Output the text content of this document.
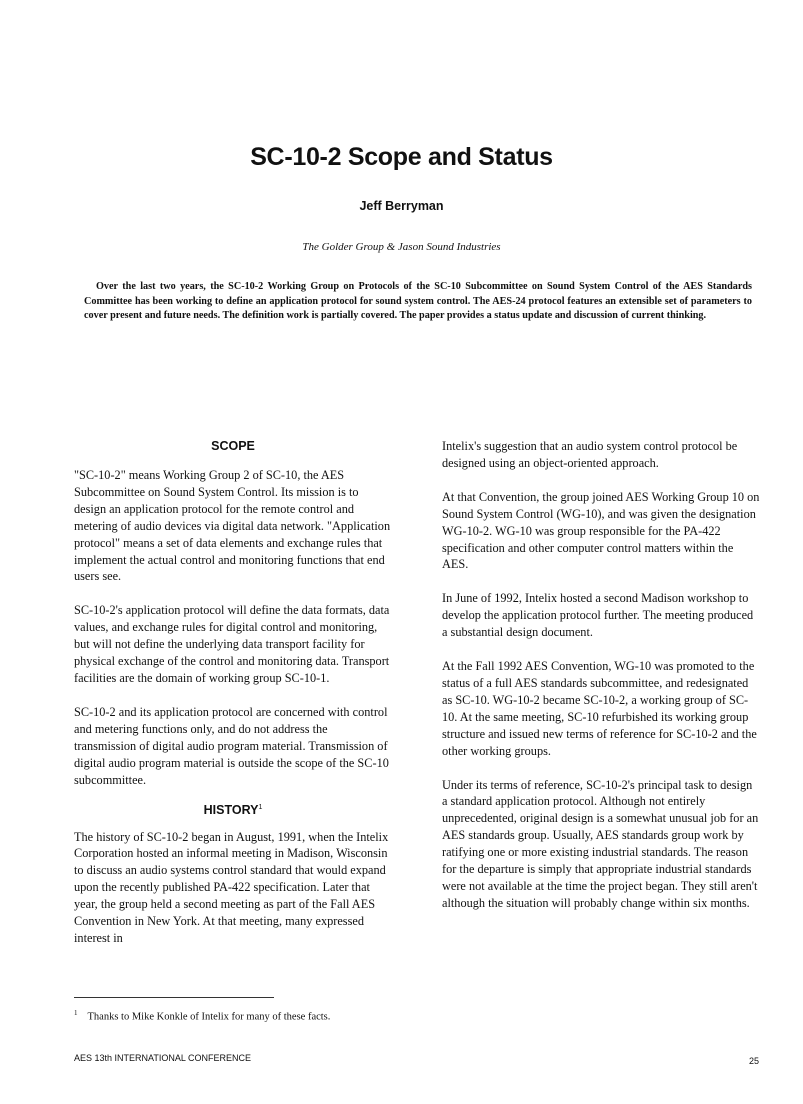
SC-10-2 Scope and Status
Jeff Berryman
The Golder Group & Jason Sound Industries

Over the last two years, the SC-10-2 Working Group on Protocols of the SC-10 Subcommittee on Sound System Control of the AES Standards Committee has been working to define an application protocol for sound system control. The AES-24 protocol features an extensible set of parameters to cover present and future needs. The definition work is partially covered. The paper provides a status update and discussion of current thinking.

SCOPE

"SC-10-2" means Working Group 2 of SC-10, the AES Subcommittee on Sound System Control. Its mission is to design an application protocol for the remote control and metering of audio devices via digital data network. "Application protocol" means a set of data elements and exchange rules that implement the actual control and monitoring functions that end users see.

SC-10-2's application protocol will define the data formats, data values, and exchange rules for digital control and monitoring, but will not define the underlying data transport facility for physical exchange of the control and monitoring data. Transport facilities are the domain of working group SC-10-1.

SC-10-2 and its application protocol are concerned with control and metering functions only, and do not address the transmission of digital audio program material. Transmission of digital audio program material is outside the scope of the SC-10 subcommittee.

HISTORY$^1$

The history of SC-10-2 began in August, 1991, when the Intelix Corporation hosted an informal meeting in Madison, Wisconsin to discuss an audio systems control standard that would expand upon the recently published PA-422 specification. Later that year, the group held a second meeting as part of the Fall AES Convention in New York. At that meeting, many expressed interest in

Intelix's suggestion that an audio system control protocol be designed using an object-oriented approach.

At that Convention, the group joined AES Working Group 10 on Sound System Control (WG-10), and was given the designation WG-10-2. WG-10 was group responsible for the PA-422 specification and other computer control matters within the AES.

In June of 1992, Intelix hosted a second Madison workshop to develop the application protocol further. The meeting produced a substantial design document.

At the Fall 1992 AES Convention, WG-10 was promoted to the status of a full AES standards subcommittee, and redesignated as SC-10. WG-10-2 became SC-10-2, a working group of SC-10. At the same meeting, SC-10 refurbished its working group structure and issued new terms of reference for SC-10-2 and the other working groups.

Under its terms of reference, SC-10-2's principal task to design a standard application protocol. Although not entirely unprecedented, original design is a somewhat unusual job for an AES standards group. Usually, AES standards group work by ratifying one or more existing industrial standards. The reason for the departure is simply that appropriate industrial standards were not available at the time the project began. They still aren't although the situation will probably change within six months.

$^1$ Thanks to Mike Konkle of Intelix for many of these facts.
AES 13th INTERNATIONAL CONFERENCE	25
